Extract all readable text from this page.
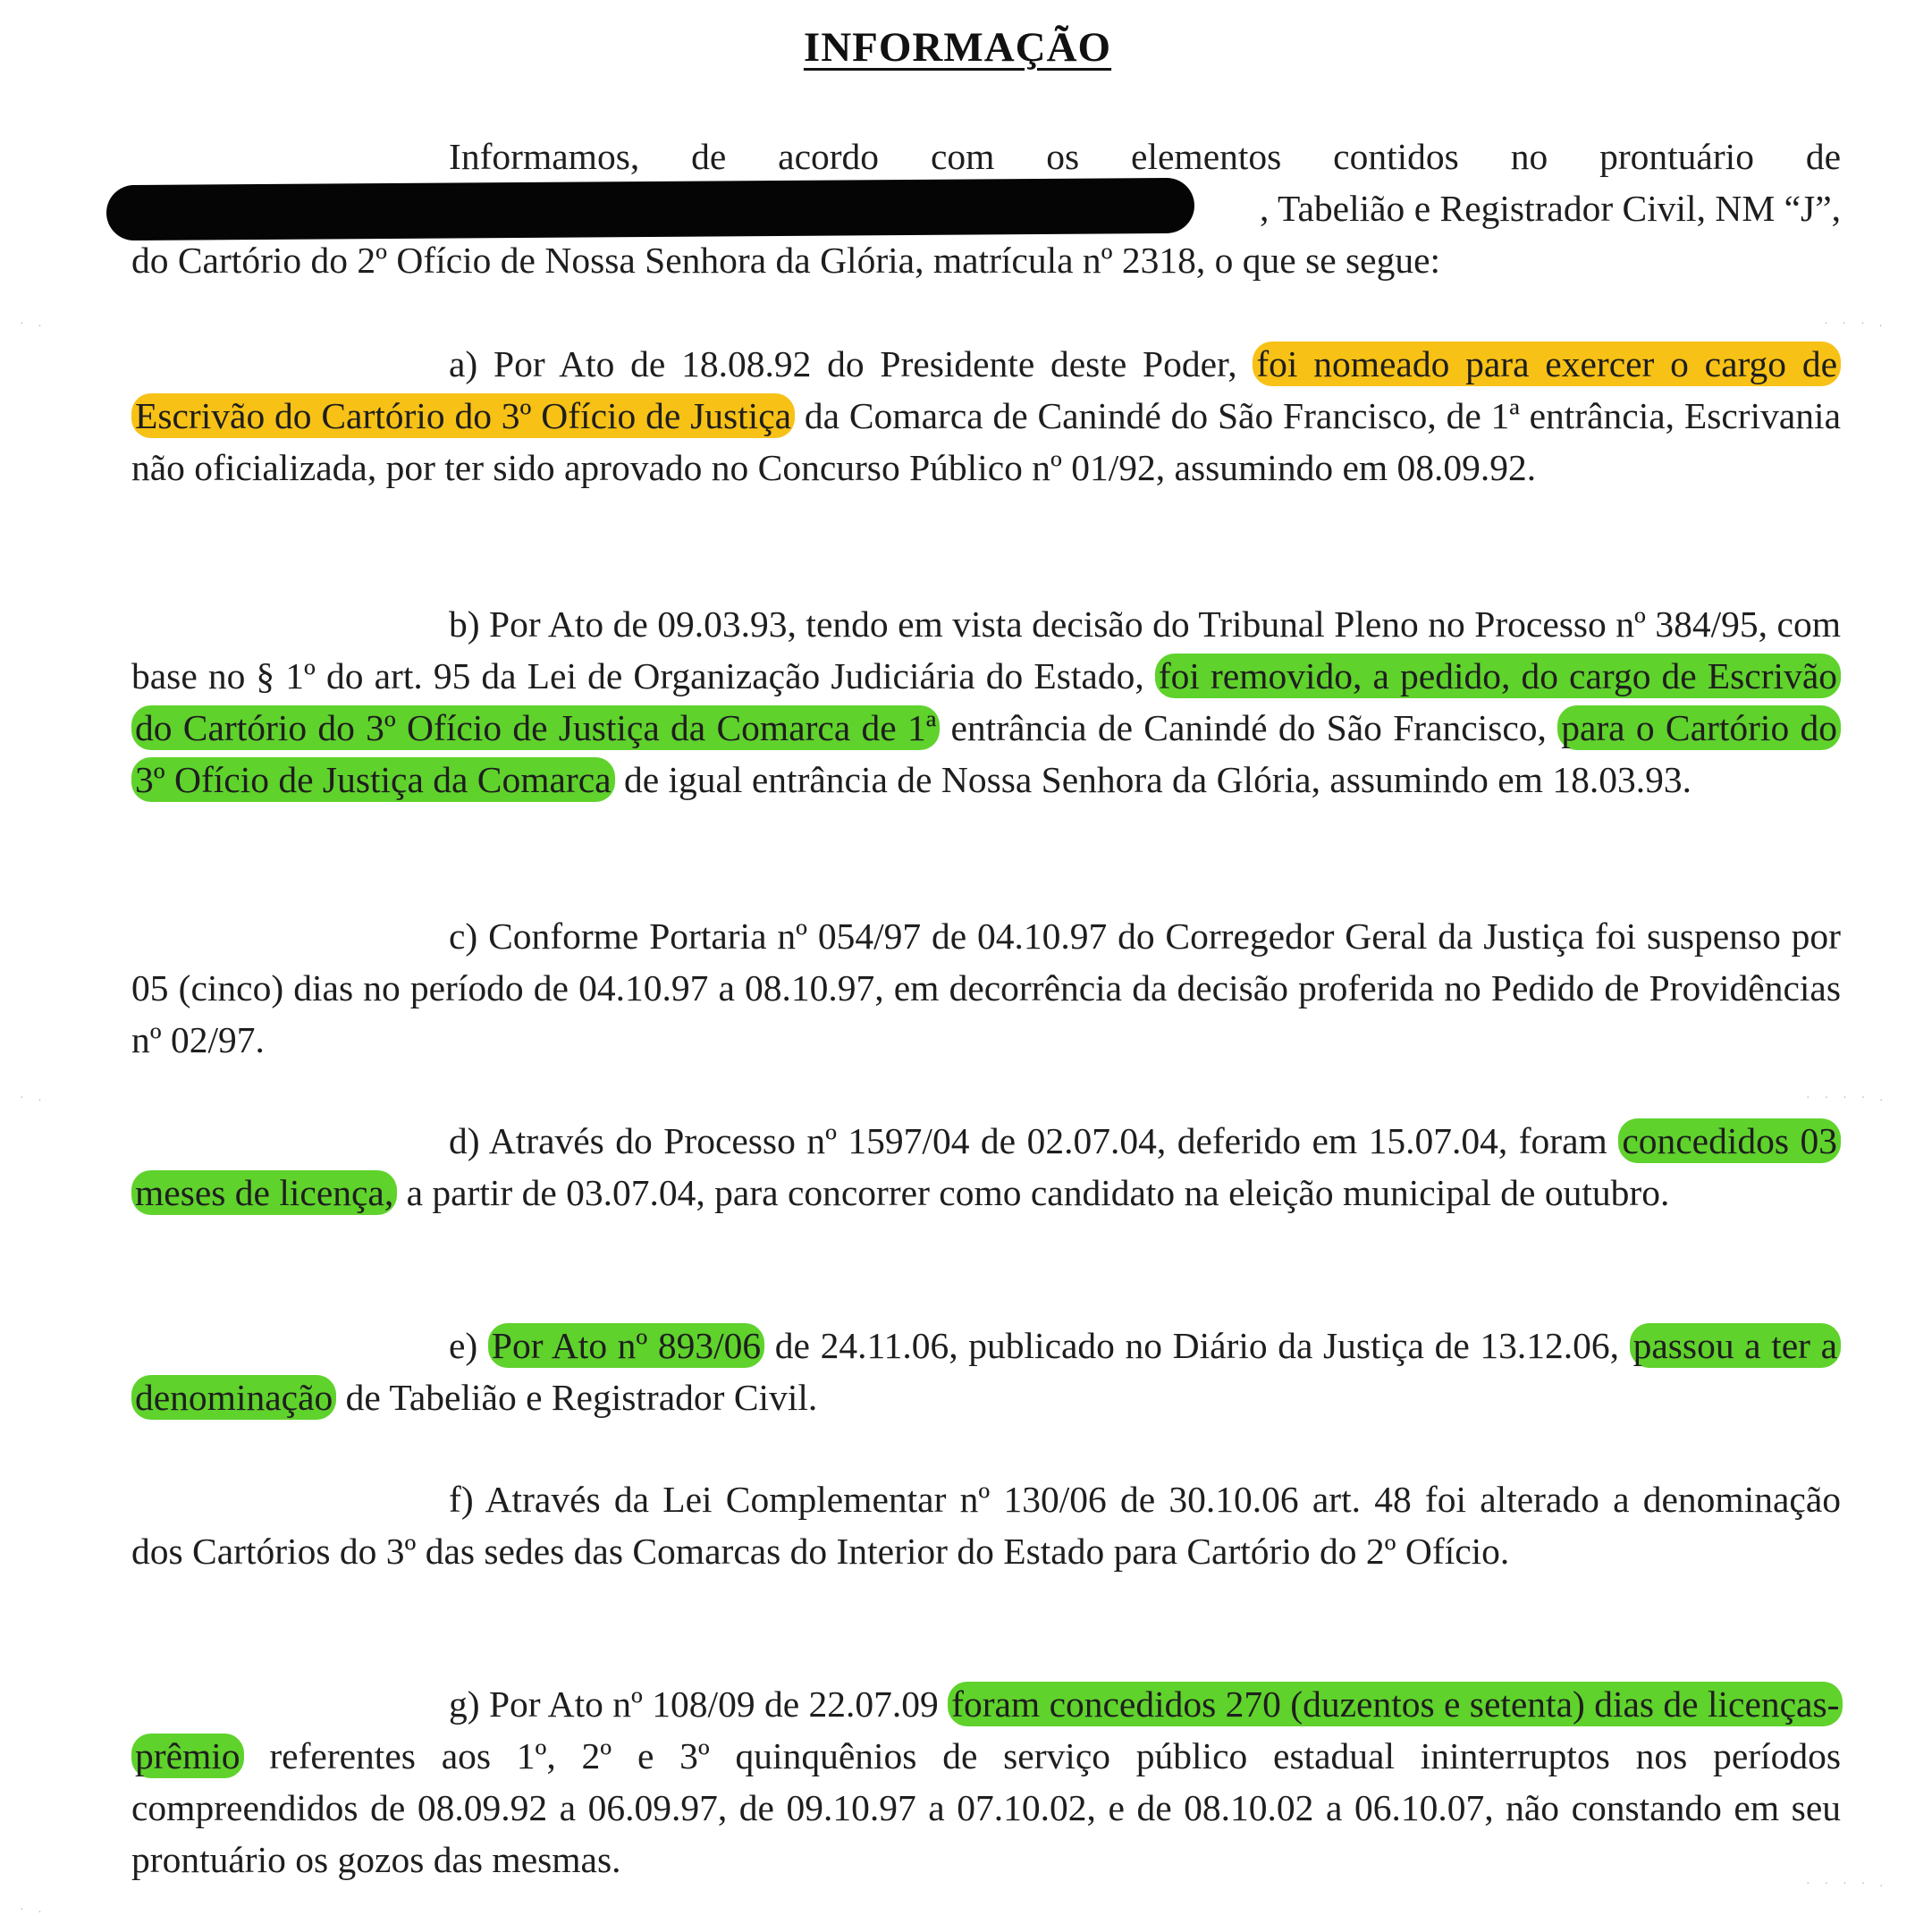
INFORMAÇÃO

Informamos, de acordo com os elementos contidos no prontuário de , Tabelião e Registrador Civil, NM “J”, do Cartório do 2º Ofício de Nossa Senhora da Glória, matrícula nº 2318, o que se segue:

a) Por Ato de 18.08.92 do Presidente deste Poder, foi nomeado para exercer o cargo de Escrivão do Cartório do 3º Ofício de Justiça da Comarca de Canindé do São Francisco, de 1ª entrância, Escrivania não oficializada, por ter sido aprovado no Concurso Público nº 01/92, assumindo em 08.09.92.

b) Por Ato de 09.03.93, tendo em vista decisão do Tribunal Pleno no Processo nº 384/95, com base no § 1º do art. 95 da Lei de Organização Judiciária do Estado, foi removido, a pedido, do cargo de Escrivão do Cartório do 3º Ofício de Justiça da Comarca de 1ª entrância de Canindé do São Francisco, para o Cartório do 3º Ofício de Justiça da Comarca de igual entrância de Nossa Senhora da Glória, assumindo em 18.03.93.

c) Conforme Portaria nº 054/97 de 04.10.97 do Corregedor Geral da Justiça foi suspenso por 05 (cinco) dias no período de 04.10.97 a 08.10.97, em decorrência da decisão proferida no Pedido de Providências nº 02/97.

d) Através do Processo nº 1597/04 de 02.07.04, deferido em 15.07.04, foram concedidos 03 meses de licença, a partir de 03.07.04, para concorrer como candidato na eleição municipal de outubro.

e) Por Ato nº 893/06 de 24.11.06, publicado no Diário da Justiça de 13.12.06, passou a ter a denominação de Tabelião e Registrador Civil.

f) Através da Lei Complementar nº 130/06 de 30.10.06 art. 48 foi alterado a denominação dos Cartórios do 3º das sedes das Comarcas do Interior do Estado para Cartório do 2º Ofício.

g) Por Ato nº 108/09 de 22.07.09 foram concedidos 270 (duzentos e setenta) dias de licenças-prêmio referentes aos 1º, 2º e 3º quinquênios de serviço público estadual ininterruptos nos períodos compreendidos de 08.09.92 a 06.09.97, de 09.10.97 a 07.10.02, e de 08.10.02 a 06.10.07, não constando em seu prontuário os gozos das mesmas.

· .
· .
· .
· · · .
· · · · .
· · · · .
